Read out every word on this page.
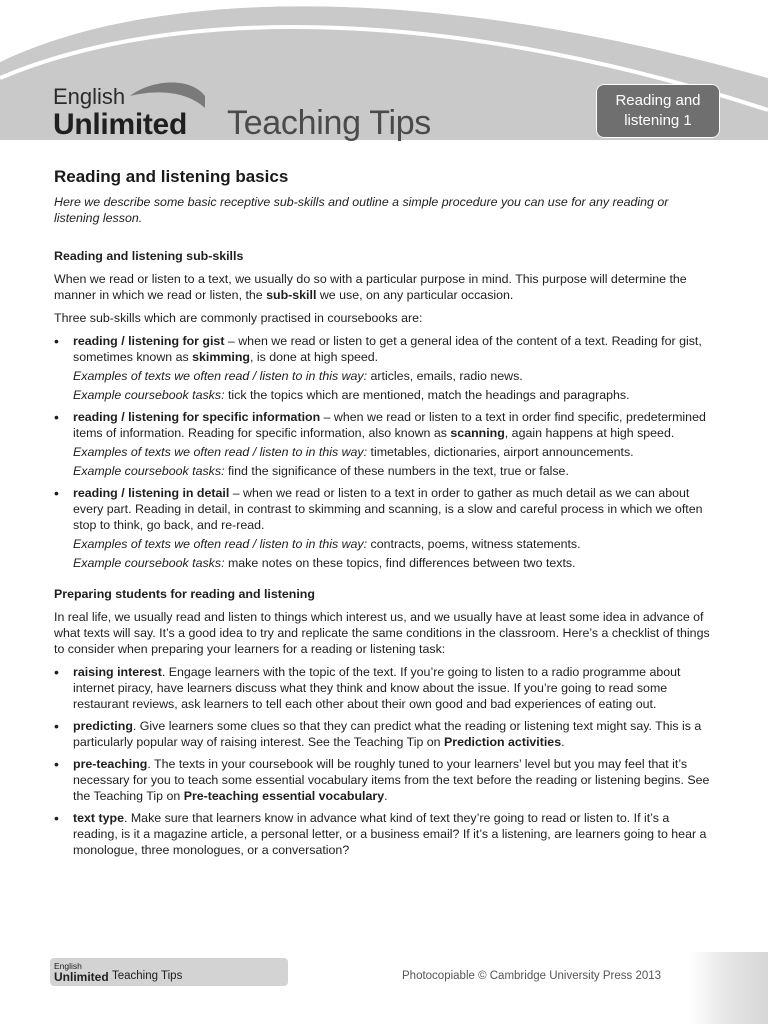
English
Unlimited Teaching Tips
Reading and
listening 1
Reading and listening basics

Here we describe some basic receptive sub-skills and outline a simple procedure you can use for any reading or listening lesson.

Reading and listening sub-skills

When we read or listen to a text, we usually do so with a particular purpose in mind. This purpose will determine the manner in which we read or listen, the sub-skill we use, on any particular occasion.

Three sub-skills which are commonly practised in coursebooks are:

• reading / listening for gist – when we read or listen to get a general idea of the content of a text. Reading for gist, sometimes known as skimming, is done at high speed.
Examples of texts we often read / listen to in this way: articles, emails, radio news.
Example coursebook tasks: tick the topics which are mentioned, match the headings and paragraphs.
• reading / listening for specific information – when we read or listen to a text in order find specific, predetermined items of information. Reading for specific information, also known as scanning, again happens at high speed.
Examples of texts we often read / listen to in this way: timetables, dictionaries, airport announcements.
Example coursebook tasks: find the significance of these numbers in the text, true or false.
• reading / listening in detail – when we read or listen to a text in order to gather as much detail as we can about every part. Reading in detail, in contrast to skimming and scanning, is a slow and careful process in which we often stop to think, go back, and re-read.
Examples of texts we often read / listen to in this way: contracts, poems, witness statements.
Example coursebook tasks: make notes on these topics, find differences between two texts.
Preparing students for reading and listening

In real life, we usually read and listen to things which interest us, and we usually have at least some idea in advance of what texts will say. It’s a good idea to try and replicate the same conditions in the classroom. Here’s a checklist of things to consider when preparing your learners for a reading or listening task:

• raising interest. Engage learners with the topic of the text. If you’re going to listen to a radio programme about internet piracy, have learners discuss what they think and know about the issue. If you’re going to read some restaurant reviews, ask learners to tell each other about their own good and bad experiences of eating out.
• predicting. Give learners some clues so that they can predict what the reading or listening text might say. This is a particularly popular way of raising interest. See the Teaching Tip on Prediction activities.
• pre-teaching. The texts in your coursebook will be roughly tuned to your learners’ level but you may feel that it’s necessary for you to teach some essential vocabulary items from the text before the reading or listening begins. See the Teaching Tip on Pre-teaching essential vocabulary.
• text type. Make sure that learners know in advance what kind of text they’re going to read or listen to. If it’s a reading, is it a magazine article, a personal letter, or a business email? If it’s a listening, are learners going to hear a monologue, three monologues, or a conversation?
English
Unlimited Teaching Tips	Photocopiable © Cambridge University Press 2013
